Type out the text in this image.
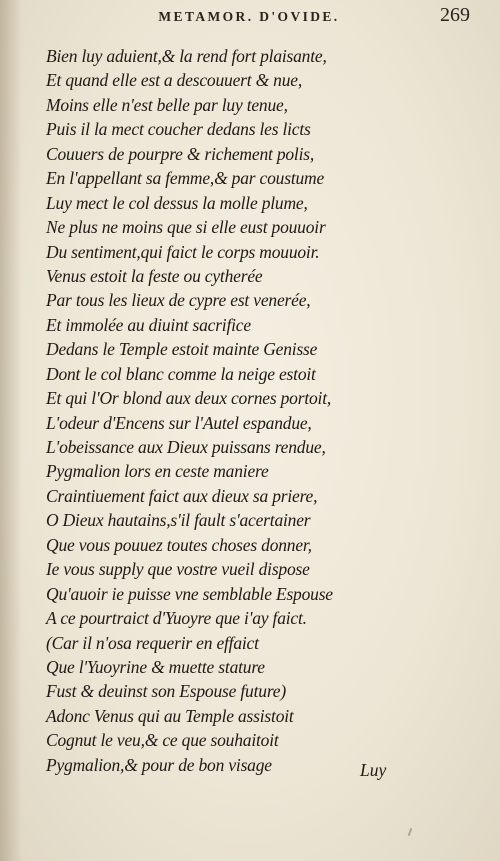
METAMOR. D'OVIDE.	269
Bien luy aduient,& la rend fort plaisante,
Et quand elle est a descouuert & nue,
Moins elle n'est belle par luy tenue,
Puis il la mect coucher dedans les licts
Couuers de pourpre & richement polis,
En l'appellant sa femme,& par coustume
Luy mect le col dessus la molle plume,
Ne plus ne moins que si elle eust pouuoir
Du sentiment,qui faict le corps mouuoir.
Venus estoit la feste ou cytherée
Par tous les lieux de cypre est venerée,
Et immolée au diuint sacrifice
Dedans le Temple estoit mainte Genisse
Dont le col blanc comme la neige estoit
Et qui l'Or blond aux deux cornes portoit,
L'odeur d'Encens sur l'Autel espandue,
L'obeissance aux Dieux puissans rendue,
Pygmalion lors en ceste maniere
Craintiuement faict aux dieux sa priere,
O Dieux hautains,s'il fault s'acertainer
Que vous pouuez toutes choses donner,
Ie vous supply que vostre vueil dispose
Qu'auoir ie puisse vne semblable Espouse
A ce pourtraict d'Yuoyre que i'ay faict.
(Car il n'osa requerir en effaict
Que l'Yuoyrine & muette stature
Fust & deuinst son Espouse future)
Adonc Venus qui au Temple assistoit
Cognut le veu,& ce que souhaitoit
Pygmalion,& pour de bon visage	Luy
